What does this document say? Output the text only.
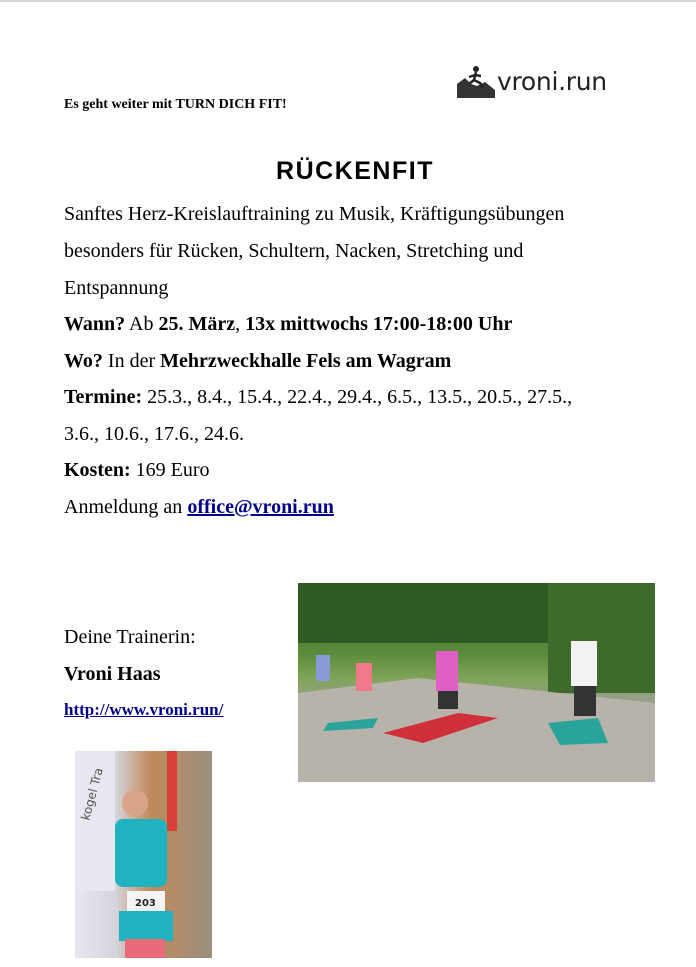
Es geht weiter mit TURN DICH FIT!
vroni.run
RÜCKENFIT
Sanftes Herz-Kreislauftraining zu Musik, Kräftigungsübungen
besonders für Rücken, Schultern, Nacken, Stretching und
Entspannung
Wann? Ab 25. März, 13x mittwochs 17:00-18:00 Uhr
Wo? In der Mehrzweckhalle Fels am Wagram
Termine: 25.3., 8.4., 15.4., 22.4., 29.4., 6.5., 13.5., 20.5., 27.5.,
3.6., 10.6., 17.6., 24.6.
Kosten: 169 Euro
Anmeldung an office@vroni.run
Deine Trainerin:
Vroni Haas
http://www.vroni.run/
kogel Tra
203
